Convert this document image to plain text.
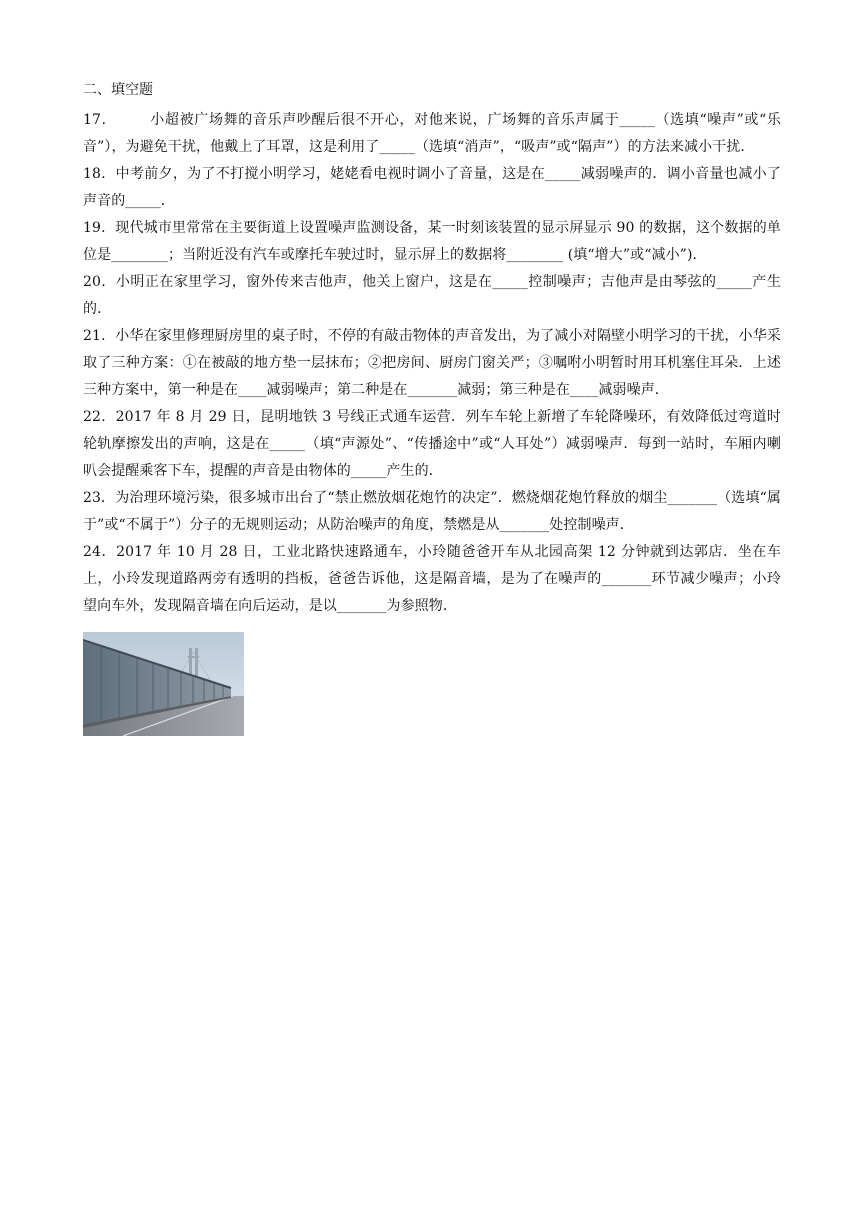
二、填空题

17． 小超被广场舞的音乐声吵醒后很不开心，对他来说，广场舞的音乐声属于_____（选填“噪声”或“乐音”），为避免干扰，他戴上了耳罩，这是利用了_____（选填“消声”，“吸声”或“隔声”）的方法来减小干扰．

18．中考前夕，为了不打搅小明学习，姥姥看电视时调小了音量，这是在_____减弱噪声的．调小音量也减小了声音的_____．

19．现代城市里常常在主要街道上设置噪声监测设备，某一时刻该装置的显示屏显示 90 的数据，这个数据的单位是________；当附近没有汽车或摩托车驶过时，显示屏上的数据将________ (填“增大”或“减小”)．

20．小明正在家里学习，窗外传来吉他声，他关上窗户，这是在_____控制噪声；吉他声是由琴弦的_____产生的．

21．小华在家里修理厨房里的桌子时，不停的有敲击物体的声音发出，为了减小对隔壁小明学习的干扰，小华采取了三种方案：①在被敲的地方垫一层抹布；②把房间、厨房门窗关严；③嘱咐小明暂时用耳机塞住耳朵．上述三种方案中，第一种是在____减弱噪声；第二种是在_______减弱；第三种是在____减弱噪声．

22．2017 年 8 月 29 日，昆明地铁 3 号线正式通车运营．列车车轮上新增了车轮降噪环，有效降低过弯道时轮轨摩擦发出的声响，这是在_____（填“声源处”、“传播途中”或“人耳处”）减弱噪声．每到一站时，车厢内喇叭会提醒乘客下车，提醒的声音是由物体的_____产生的．

23．为治理环境污染，很多城市出台了“禁止燃放烟花炮竹的决定”．燃烧烟花炮竹释放的烟尘_______（选填“属于”或“不属于”）分子的无规则运动；从防治噪声的角度，禁燃是从_______处控制噪声．

24．2017 年 10 月 28 日，工业北路快速路通车，小玲随爸爸开车从北园高架 12 分钟就到达郭店．坐在车上，小玲发现道路两旁有透明的挡板，爸爸告诉他，这是隔音墙，是为了在噪声的_______环节减少噪声；小玲望向车外，发现隔音墙在向后运动，是以_______为参照物．
